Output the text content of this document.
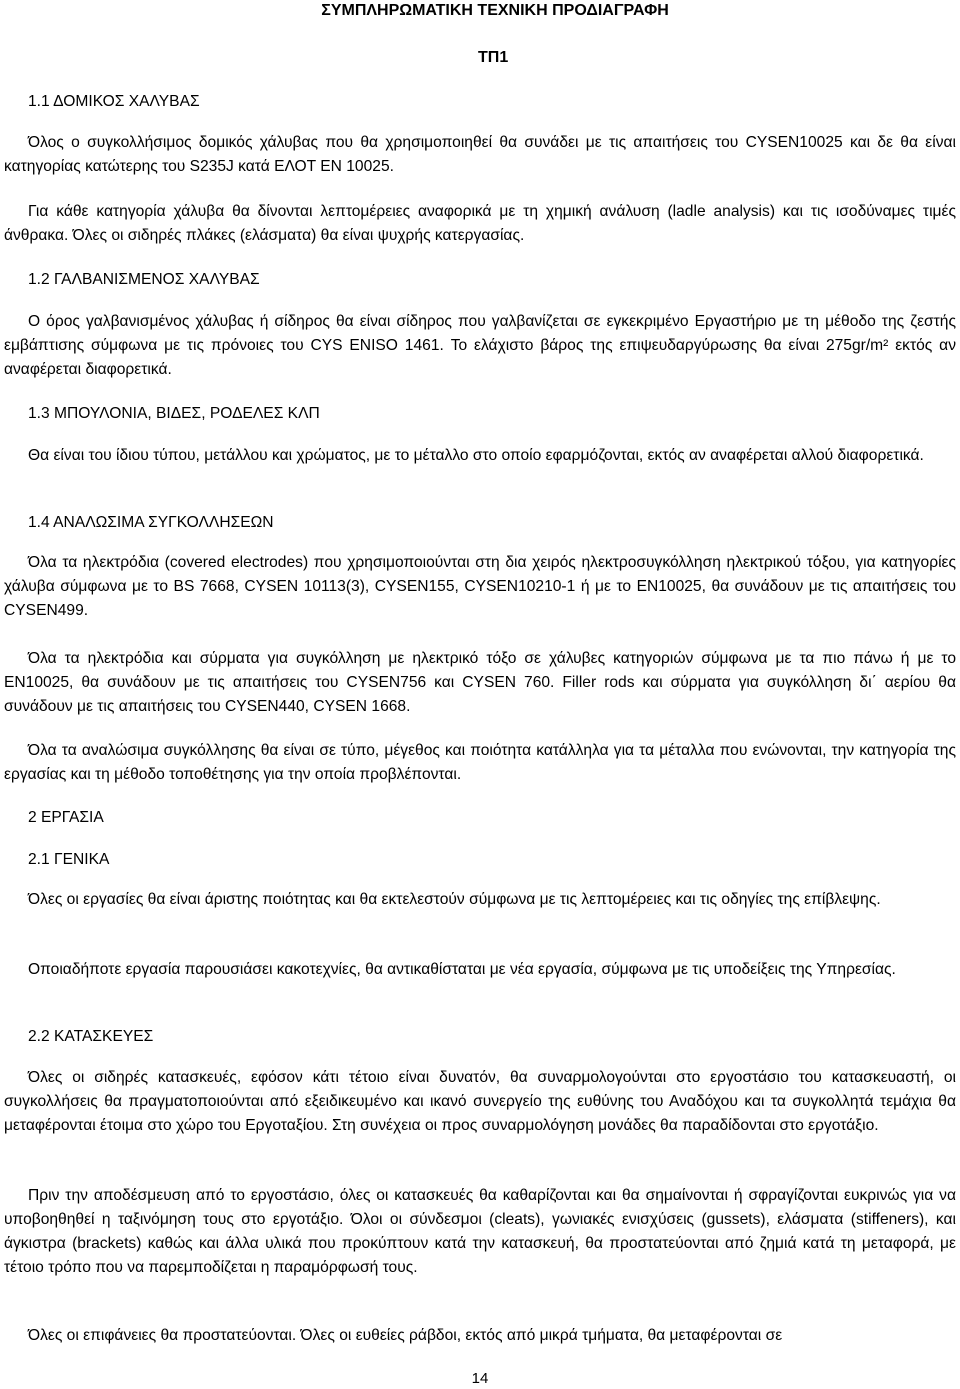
ΣΥΜΠΛΗΡΩΜΑΤΙΚΗ ΤΕΧΝΙΚΗ ΠΡΟΔΙΑΓΡΑΦΗ
ΤΠ1
1.1 ΔΟΜΙΚΟΣ ΧΑΛΥΒΑΣ
Όλος ο συγκολλήσιμος δομικός χάλυβας που θα χρησιμοποιηθεί θα συνάδει με τις απαιτήσεις του CYSEN10025 και δε θα είναι κατηγορίας κατώτερης του S235J κατά ΕΛΟΤ ΕΝ 10025.
Για κάθε κατηγορία χάλυβα θα δίνονται λεπτομέρειες αναφορικά με τη χημική ανάλυση (ladle analysis) και τις ισοδύναμες τιμές άνθρακα. Όλες οι σιδηρές πλάκες (ελάσματα) θα είναι ψυχρής κατεργασίας.
1.2 ΓΑΛΒΑΝΙΣΜΕΝΟΣ ΧΑΛΥΒΑΣ
Ο όρος γαλβανισμένος χάλυβας ή σίδηρος θα είναι σίδηρος που γαλβανίζεται σε εγκεκριμένο Εργαστήριο με τη μέθοδο της ζεστής εμβάπτισης σύμφωνα με τις πρόνοιες του CYS ENISO 1461. Το ελάχιστο βάρος της επιψευδαργύρωσης θα είναι 275gr/m² εκτός αν αναφέρεται διαφορετικά.
1.3 ΜΠΟΥΛΟΝΙΑ, ΒΙΔΕΣ, ΡΟΔΕΛΕΣ ΚΛΠ
Θα είναι του ίδιου τύπου, μετάλλου και χρώματος, με το μέταλλο στο οποίο εφαρμόζονται, εκτός αν αναφέρεται αλλού διαφορετικά.
1.4 ΑΝΑΛΩΣΙΜΑ ΣΥΓΚΟΛΛΗΣΕΩΝ
Όλα τα ηλεκτρόδια (covered electrodes) που χρησιμοποιούνται στη δια χειρός ηλεκτροσυγκόλληση ηλεκτρικού τόξου, για κατηγορίες χάλυβα σύμφωνα με το BS 7668, CYSEN 10113(3), CYSEN155, CYSEN10210-1 ή με το EN10025, θα συνάδουν με τις απαιτήσεις του CYSEN499.
Όλα τα ηλεκτρόδια και σύρματα για συγκόλληση με ηλεκτρικό τόξο σε χάλυβες κατηγοριών σύμφωνα με τα πιο πάνω ή με το EN10025, θα συνάδουν με τις απαιτήσεις του CYSEN756 και CYSEN 760. Filler rods και σύρματα για συγκόλληση δι΄ αερίου θα συνάδουν με τις απαιτήσεις του CYSEN440, CYSEN 1668.
Όλα τα αναλώσιμα συγκόλλησης θα είναι σε τύπο, μέγεθος και ποιότητα κατάλληλα για τα μέταλλα που ενώνονται, την κατηγορία της εργασίας και τη μέθοδο τοποθέτησης για την οποία προβλέπονται.
2 ΕΡΓΑΣΙΑ
2.1 ΓΕΝΙΚΑ
Όλες οι εργασίες θα είναι άριστης ποιότητας και θα εκτελεστούν σύμφωνα με τις λεπτομέρειες και τις οδηγίες της επίβλεψης.
Οποιαδήποτε εργασία παρουσιάσει κακοτεχνίες, θα αντικαθίσταται με νέα εργασία, σύμφωνα με τις υποδείξεις της Υπηρεσίας.
2.2 ΚΑΤΑΣΚΕΥΕΣ
Όλες οι σιδηρές κατασκευές, εφόσον κάτι τέτοιο είναι δυνατόν, θα συναρμολογούνται στο εργοστάσιο του κατασκευαστή, οι συγκολλήσεις θα πραγματοποιούνται από εξειδικευμένο και ικανό συνεργείο της ευθύνης του Αναδόχου και τα συγκολλητά τεμάχια θα μεταφέρονται έτοιμα στο χώρο του Εργοταξίου. Στη συνέχεια οι προς συναρμολόγηση μονάδες θα παραδίδονται στο εργοτάξιο.
Πριν την αποδέσμευση από το εργοστάσιο, όλες οι κατασκευές θα καθαρίζονται και θα σημαίνονται ή σφραγίζονται ευκρινώς για να υποβοηθηθεί η ταξινόμηση τους στο εργοτάξιο. Όλοι οι σύνδεσμοι (cleats), γωνιακές ενισχύσεις (gussets), ελάσματα (stiffeners), και άγκιστρα (brackets) καθώς και άλλα υλικά που προκύπτουν κατά την κατασκευή, θα προστατεύονται από ζημιά κατά τη μεταφορά, με τέτοιο τρόπο που να παρεμποδίζεται η παραμόρφωσή τους.
Όλες οι επιφάνειες θα προστατεύονται. Όλες οι ευθείες ράβδοι, εκτός από μικρά τμήματα, θα μεταφέρονται σε
14
